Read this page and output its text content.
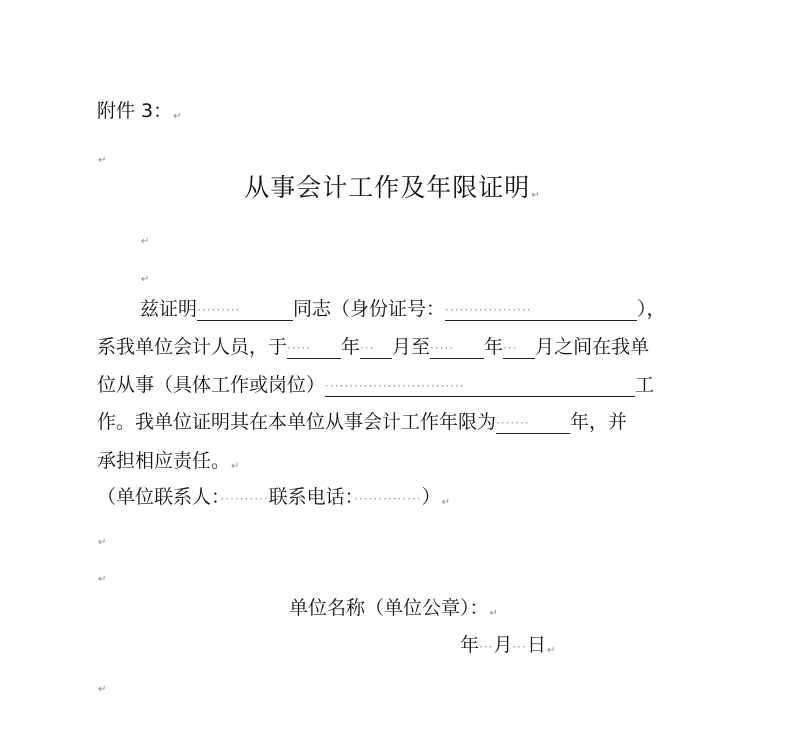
附件 3：↵
↵
从事会计工作及年限证明↵
↵
↵
兹证明·········	同志（身份证号：··················	），
系我单位会计人员，于····· 年··· 月至····· 年··· 月之间在我单
位从事（具体工作或岗位）·····························	工
作。我单位证明其在本单位从事会计工作年限为······· 年，并
承担相应责任。↵
（单位联系人：··········联系电话：··············）↵
↵
↵
单位名称（单位公章）：↵
年···月···日↵
↵
